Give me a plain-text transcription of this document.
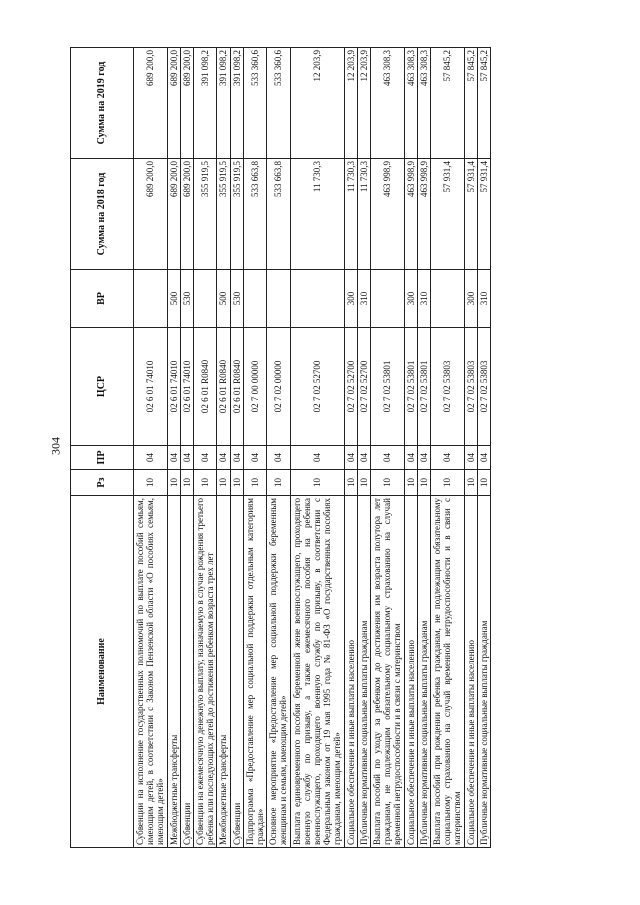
304
Наименование	Рз	ПР	ЦСР	ВР	Сумма на 2018 год	Сумма на 2019 год
Субвенции на исполнение государственных полномочий по выплате пособий семьям, имеющим детей, в соответствии с Законом Пензенской области «О пособиях семьям, имеющим детей»	10	04	02 6 01 74010		689 200,0	689 200,0
Межбюджетные трансферты	10	04	02 6 01 74010	500	689 200,0	689 200,0
Субвенции	10	04	02 6 01 74010	530	689 200,0	689 200,0
Субвенции на ежемесячную денежную выплату, назначаемую в случае рождения третьего ребенка или последующих детей до достижения ребенком возраста трех лет	10	04	02 6 01 R0840		355 919,5	391 098,2
Межбюджетные трансферты	10	04	02 6 01 R0840	500	355 919,5	391 098,2
Субвенции	10	04	02 6 01 R0840	530	355 919,5	391 098,2
Подпрограмма «Предоставление мер социальной поддержки отдельным категориям граждан»	10	04	02 7 00 00000		533 663,8	533 360,6
Основное мероприятие «Предоставление мер социальной поддержки беременным женщинам и семьям, имеющим детей»	10	04	02 7 02 00000		533 663,8	533 360,6
Выплата единовременного пособия беременной жене военнослужащего, проходящего военную службу по призыву, а также ежемесячного пособия на ребенка военнослужащего, проходящего военную службу по призыву, в соответствии с Федеральным законом от 19 мая 1995 года № 81-ФЗ «О государственных пособиях гражданам, имеющим детей»	10	04	02 7 02 52700		11 730,3	12 203,9
Социальное обеспечение и иные выплаты населению	10	04	02 7 02 52700	300	11 730,3	12 203,9
Публичные нормативные социальные выплаты гражданам	10	04	02 7 02 52700	310	11 730,3	12 203,9
Выплата пособий по уходу за ребенком до достижения им возраста полутора лет гражданам, не подлежащим обязательному социальному страхованию на случай временной нетрудоспособности и в связи с материнством	10	04	02 7 02 53801		463 998,9	463 308,3
Социальное обеспечение и иные выплаты населению	10	04	02 7 02 53801	300	463 998,9	463 308,3
Публичные нормативные социальные выплаты гражданам	10	04	02 7 02 53801	310	463 998,9	463 308,3
Выплата пособий при рождении ребенка гражданам, не подлежащим обязательному социальному страхованию на случай временной нетрудоспособности и в связи с материнством	10	04	02 7 02 53803		57 931,4	57 845,2
Социальное обеспечение и иные выплаты населению	10	04	02 7 02 53803	300	57 931,4	57 845,2
Публичные нормативные социальные выплаты гражданам	10	04	02 7 02 53803	310	57 931,4	57 845,2
